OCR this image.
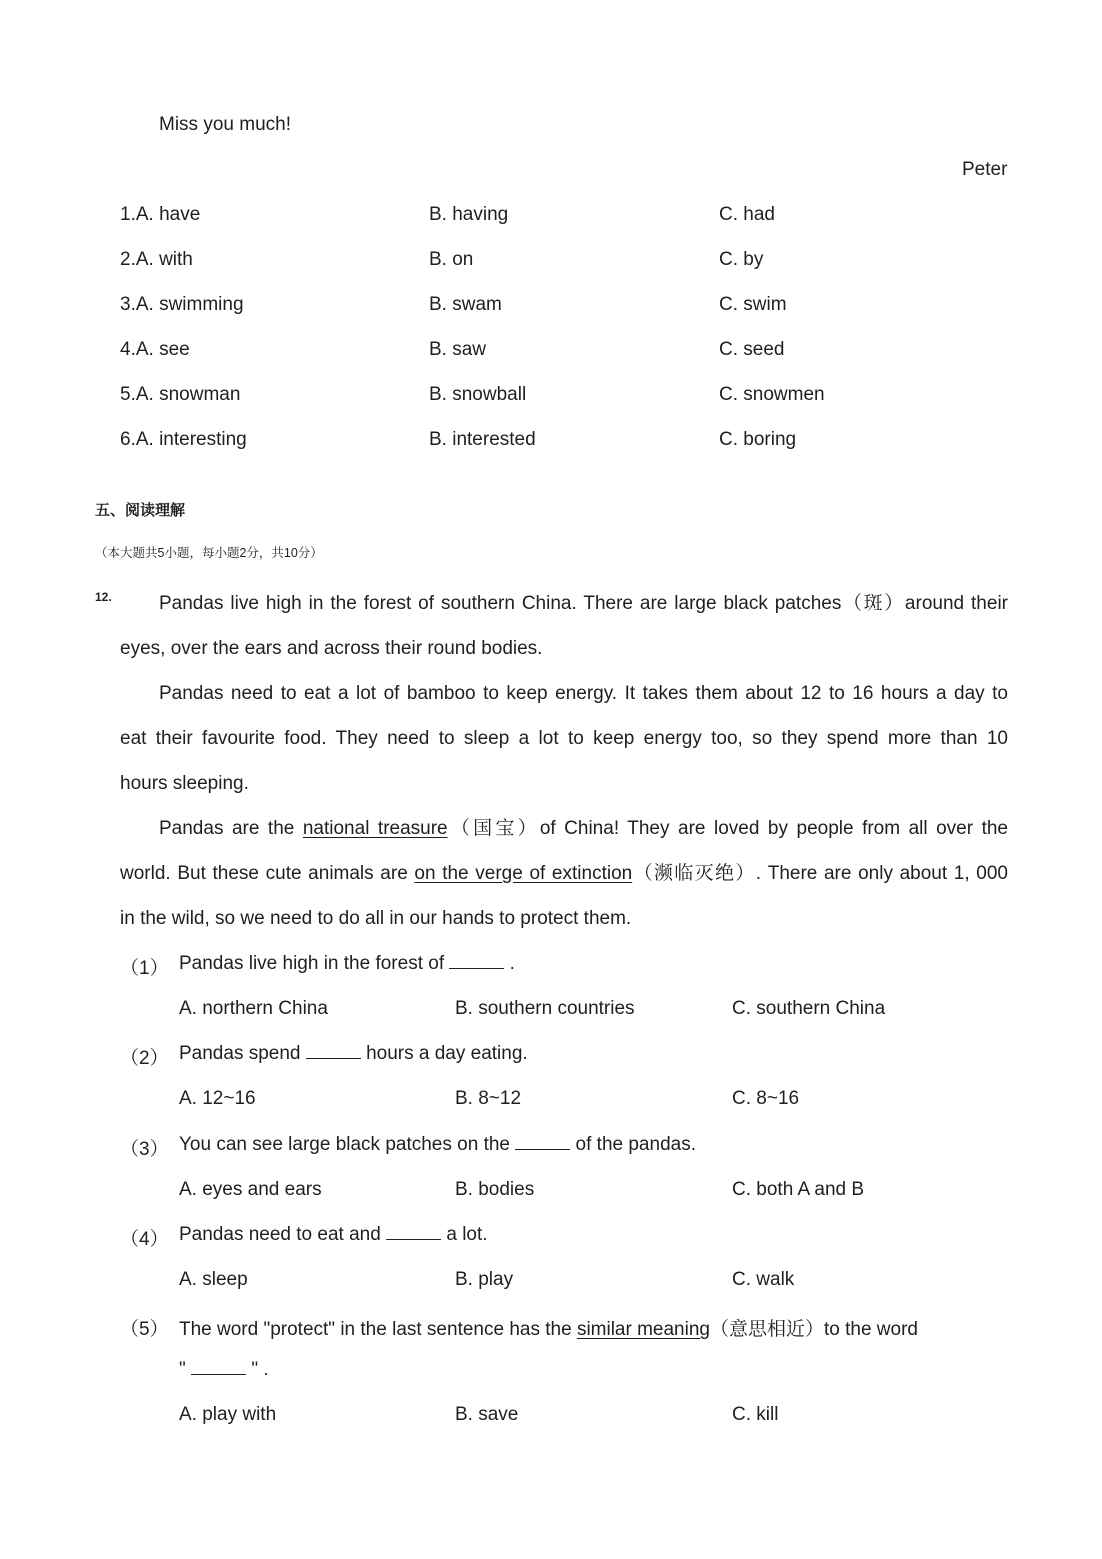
Miss you much!
Peter
1.A. have	B. having	C. had
2.A. with	B. on	C. by
3.A. swimming	B. swam	C. swim
4.A. see	B. saw	C. seed
5.A. snowman	B. snowball	C. snowmen
6.A. interesting	B. interested	C. boring
五、阅读理解
（本大题共5小题，每小题2分，共10分）
12.	Pandas live high in the forest of southern China. There are large black patches（斑）around their
eyes, over the ears and across their round bodies.
Pandas need to eat a lot of bamboo to keep energy. It takes them about 12 to 16 hours a day to
eat their favourite food. They need to sleep a lot to keep energy too, so they spend more than 10
hours sleeping.
Pandas are the national treasure（国宝）of China! They are loved by people from all over the
world. But these cute animals are on the verge of extinction（濒临灭绝）. There are only about 1, 000
in the wild, so we need to do all in our hands to protect them.
（1） Pandas live high in the forest of	.
A. northern China	B. southern countries	C. southern China
（2） Pandas spend	hours a day eating.
A. 12~16	B. 8~12	C. 8~16
（3） You can see large black patches on the	of the pandas.
A. eyes and ears	B. bodies	C. both A and B
（4） Pandas need to eat and	a lot.
A. sleep	B. play	C. walk
（5） The word "protect" in the last sentence has the similar meaning（意思相近）to the word
"	" .
A. play with	B. save	C. kill
